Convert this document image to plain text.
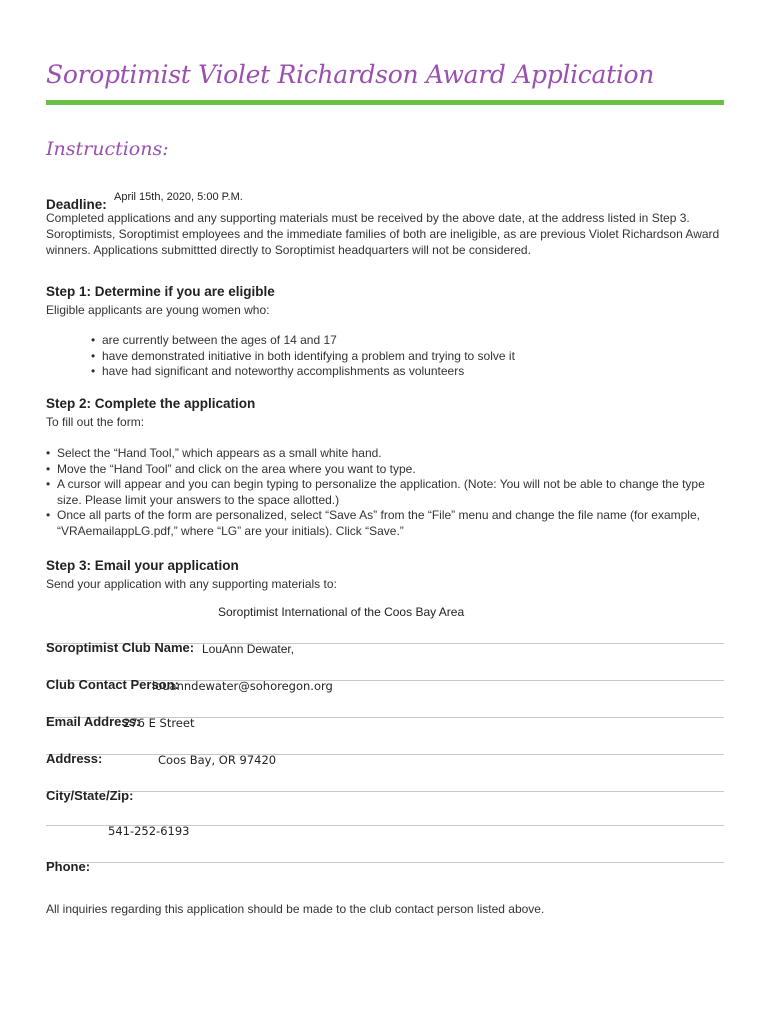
Soroptimist Violet Richardson Award Application
Instructions:
Deadline: April 15th, 2020, 5:00 P.M.

Completed applications and any supporting materials must be received by the above date, at the address listed in Step 3. Soroptimists, Soroptimist employees and the immediate families of both are ineligible, as are previous Violet Richardson Award winners. Applications submittted directly to Soroptimist headquarters will not be considered.

Step 1: Determine if you are eligible

Eligible applicants are young women who:

• are currently between the ages of 14 and 17
• have demonstrated initiative in both identifying a problem and trying to solve it
• have had significant and noteworthy accomplishments as volunteers
Step 2: Complete the application

To fill out the form:

• Select the “Hand Tool,” which appears as a small white hand.
• Move the “Hand Tool” and click on the area where you want to type.
• A cursor will appear and you can begin typing to personalize the application. (Note: You will not be able to change the type size. Please limit your answers to the space allotted.)
• Once all parts of the form are personalized, select “Save As” from the “File” menu and change the file name (for example, “VRAemailappLG.pdf,” where “LG” are your initials). Click “Save.”
Step 3: Email your application

Send your application with any supporting materials to:

Soroptimist Club Name:
Soroptimist International of the Coos Bay Area
Club Contact Person:
LouAnn Dewater,
Email Address:
louanndewater@sohoregon.org
Address:
276 E Street
City/State/Zip:
Coos Bay, OR 97420
Phone:
541-252-6193

All inquiries regarding this application should be made to the club contact person listed above.
